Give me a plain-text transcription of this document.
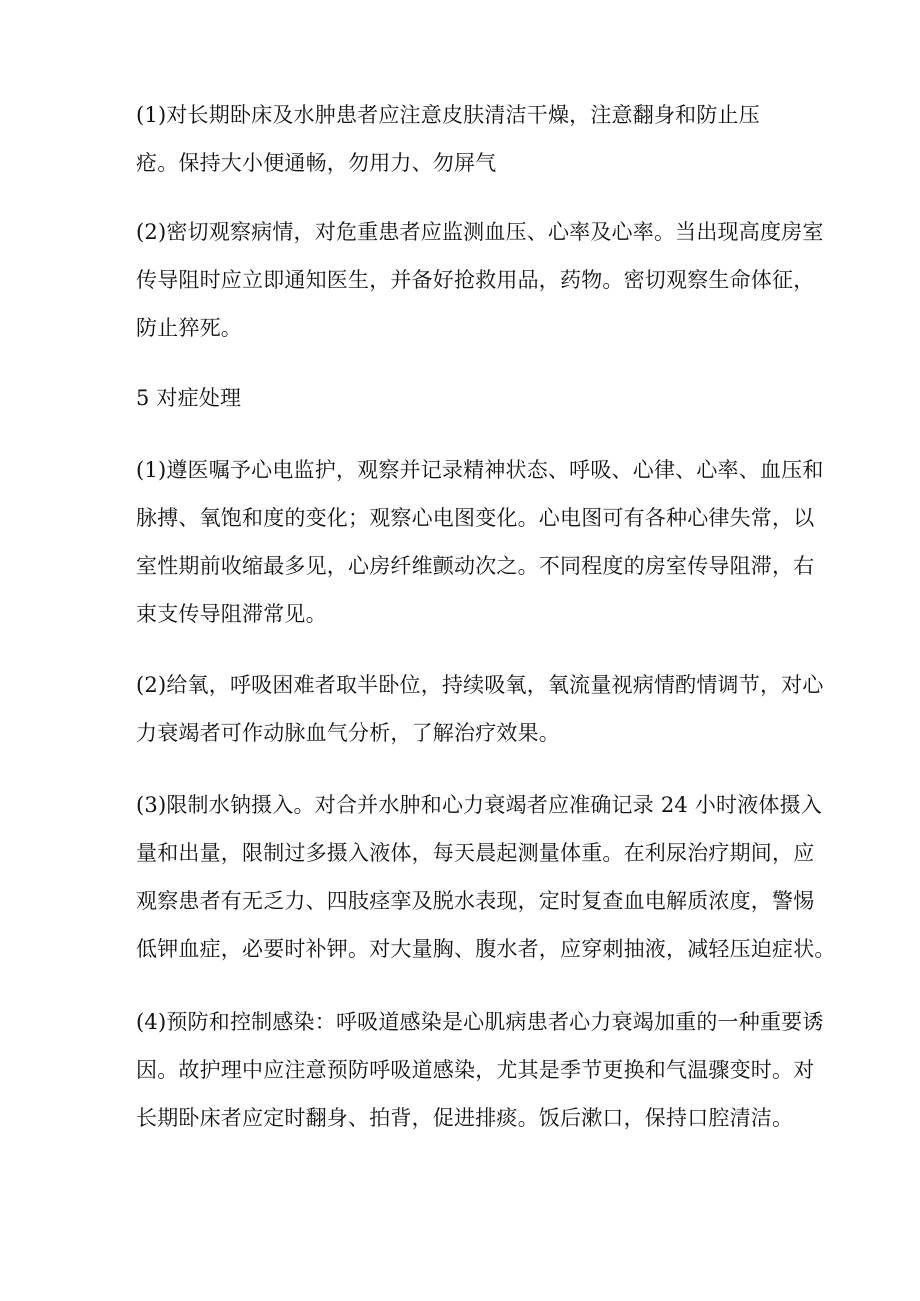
(1)对长期卧床及水肿患者应注意皮肤清洁干燥，注意翻身和防止压
疮。保持大小便通畅，勿用力、勿屏气
(2)密切观察病情，对危重患者应监测血压、心率及心率。当出现高度房室
传导阻时应立即通知医生，并备好抢救用品，药物。密切观察生命体征，
防止猝死。
5 对症处理
(1)遵医嘱予心电监护，观察并记录精神状态、呼吸、心律、心率、血压和
脉搏、氧饱和度的变化；观察心电图变化。心电图可有各种心律失常，以
室性期前收缩最多见，心房纤维颤动次之。不同程度的房室传导阻滞，右
束支传导阻滞常见。
(2)给氧，呼吸困难者取半卧位，持续吸氧，氧流量视病情酌情调节，对心
力衰竭者可作动脉血气分析，了解治疗效果。
(3)限制水钠摄入。对合并水肿和心力衰竭者应准确记录 24 小时液体摄入
量和出量，限制过多摄入液体，每天晨起测量体重。在利尿治疗期间，应
观察患者有无乏力、四肢痉挛及脱水表现，定时复查血电解质浓度，警惕
低钾血症，必要时补钾。对大量胸、腹水者，应穿刺抽液，减轻压迫症状。
(4)预防和控制感染：呼吸道感染是心肌病患者心力衰竭加重的一种重要诱
因。故护理中应注意预防呼吸道感染，尤其是季节更换和气温骤变时。对
长期卧床者应定时翻身、拍背，促进排痰。饭后漱口，保持口腔清洁。
